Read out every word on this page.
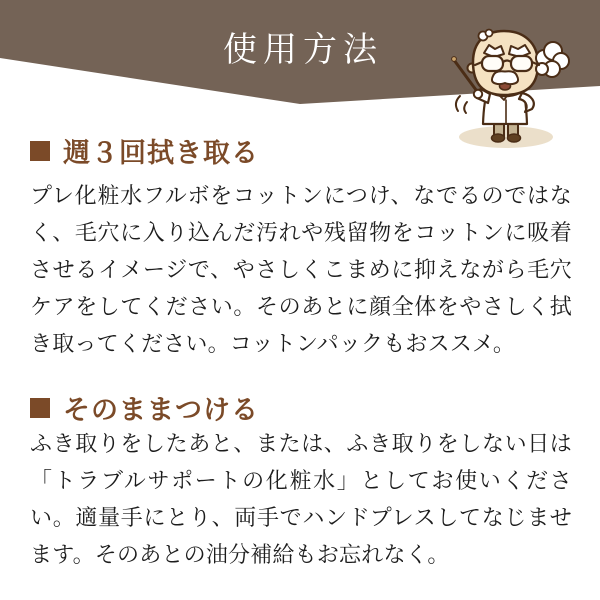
使用方法
週３回拭き取る
プレ化粧水フルボをコットンにつけ、なでるのではなく、毛穴に入り込んだ汚れや残留物をコットンに吸着させるイメージで、やさしくこまめに抑えながら毛穴ケアをしてください。そのあとに顔全体をやさしく拭き取ってください。コットンパックもおススメ。
そのままつける
ふき取りをしたあと、または、ふき取りをしない日は「トラブルサポートの化粧水」としてお使いください。適量手にとり、両手でハンドプレスしてなじませます。そのあとの油分補給もお忘れなく。
